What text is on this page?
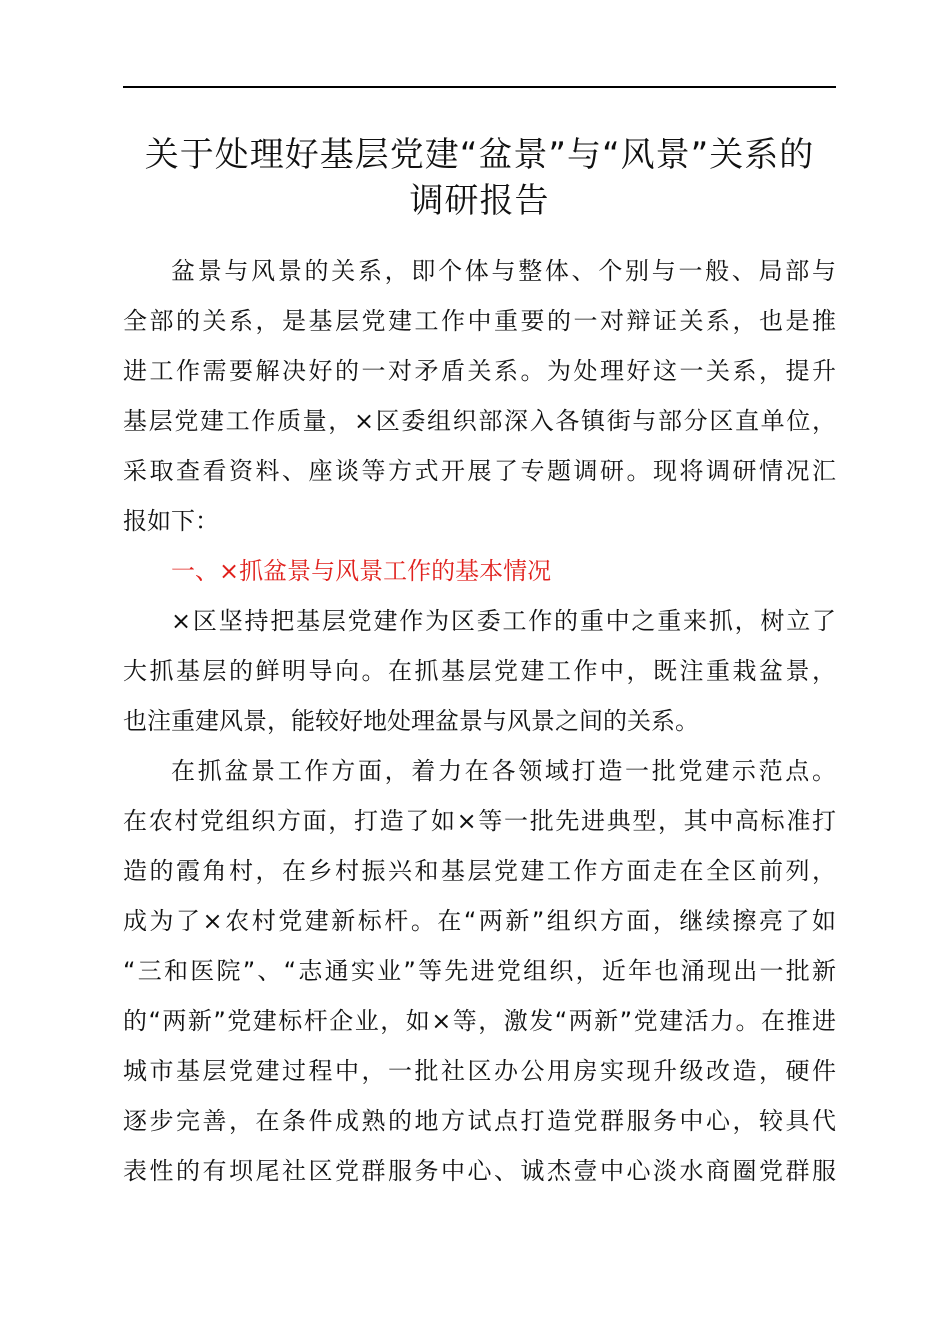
关于处理好基层党建“盆景”与“风景”关系的
调研报告

盆景与风景的关系，即个体与整体、个别与一般、局部与
全部的关系，是基层党建工作中重要的一对辩证关系，也是推
进工作需要解决好的一对矛盾关系。为处理好这一关系，提升
基层党建工作质量，×区委组织部深入各镇街与部分区直单位，
采取查看资料、座谈等方式开展了专题调研。现将调研情况汇
报如下：

一、×抓盆景与风景工作的基本情况

×区坚持把基层党建作为区委工作的重中之重来抓，树立了
大抓基层的鲜明导向。在抓基层党建工作中，既注重栽盆景，
也注重建风景，能较好地处理盆景与风景之间的关系。

在抓盆景工作方面，着力在各领域打造一批党建示范点。
在农村党组织方面，打造了如×等一批先进典型，其中高标准打
造的霞角村，在乡村振兴和基层党建工作方面走在全区前列，
成为了×农村党建新标杆。在“两新”组织方面，继续擦亮了如
“三和医院”、“志通实业”等先进党组织，近年也涌现出一批新
的“两新”党建标杆企业，如×等，激发“两新”党建活力。在推进
城市基层党建过程中，一批社区办公用房实现升级改造，硬件
逐步完善，在条件成熟的地方试点打造党群服务中心，较具代
表性的有坝尾社区党群服务中心、诚杰壹中心淡水商圈党群服
